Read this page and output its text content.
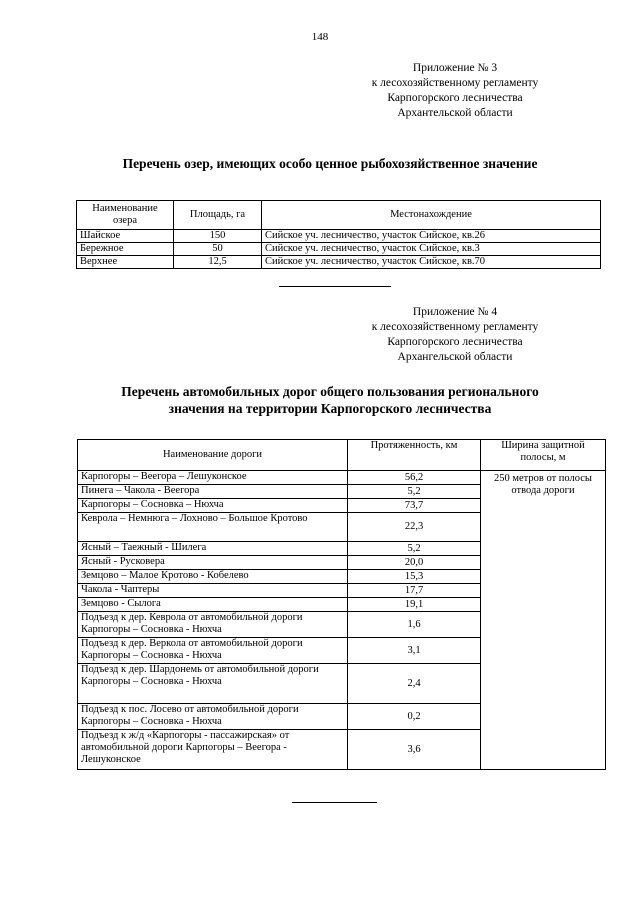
148
Приложение № 3
к лесохозяйственному регламенту
Карпогорского лесничества
Архантельской области
Перечень озер, имеющих особо ценное рыбохозяйственное значение
Наименование озера	Площадь, га	Местонахождение
Шайское	150	Сийское уч. лесничество, участок Сийское, кв.26
Бережное	50	Сийское уч. лесничество, участок Сийское, кв.3
Верхнее	12,5	Сийское уч. лесничество, участок Сийское, кв.70
Приложение № 4
к лесохозяйственному регламенту
Карпогорского лесничества
Архангельской области
Перечень автомобильных дорог общего пользования регионального
значения на территории Карпогорского лесничества
Наименование дороги	Протяженность, км	Ширина защитной полосы, м
Карпогоры – Веегора – Лешуконское	56,2	250 метров от полосы отвода дороги
Пинега – Чакола - Веегора	5,2	
Карпогоры – Сосновка – Нюхча	73,7	
Кеврола – Немнюга – Лохново – Большое Кротово	22,3	
Ясный – Таежный - Шилега	5,2	
Ясный - Русковера	20,0	
Земцово – Малое Кротово - Кобелево	15,3	
Чакола - Чаптеры	17,7	
Земцово - Сылога	19,1	
Подъезд к дер. Кеврола от автомобильной дороги Карпогоры – Сосновка - Нюхча	1,6	
Подъезд к дер. Веркола от автомобильной дороги Карпогоры – Сосновка - Нюхча	3,1	
Подъезд к дер. Шардонемь от автомобильной дороги Карпогоры – Сосновка - Нюхча	2,4	
Подъезд к пос. Лосево от автомобильной дороги Карпогоры – Сосновка - Нюхча	0,2	
Подъезд к ж/д «Карпогоры - пассажирская» от автомобильной дороги Карпогоры – Веегора - Лешуконское	3,6	
